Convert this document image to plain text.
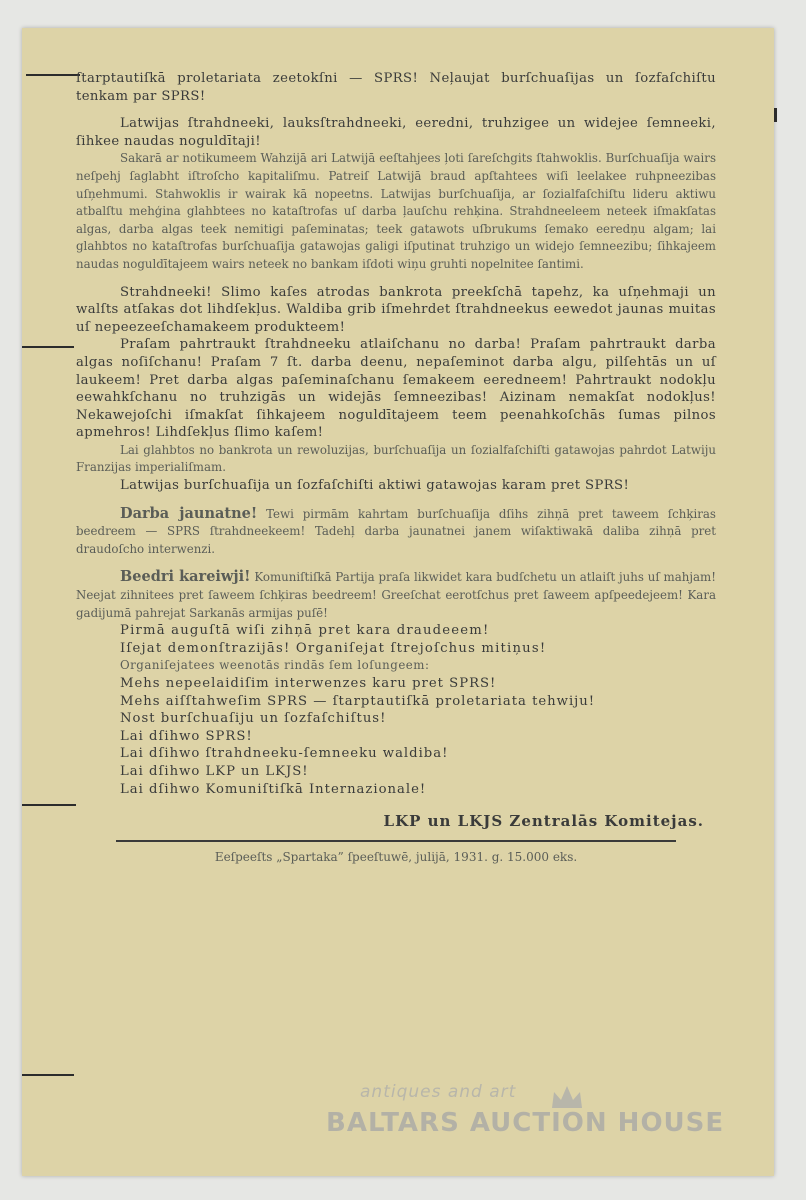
ſtarptautiſkā proletariata zeetokſni — SPRS! Neļaujat burſchuaſijas un ſozfaſchiſtu tenkam par SPRS!

Latwijas ſtrahdneeki, lauksſtrahdneeki, eeredni, truhzigee un widejee ſemneeki, ſihkee naudas noguldītaji!

Sakarā ar notikumeem Wahzijā ari Latwijā eeſtahjees ļoti ſareſchgits ſtahwoklis. Burſchuaſija wairs neſpehj ſaglabht iſtroſcho kapitaliſmu. Patreiſ Latwijā braud apſtahtees wiſi leelakee ruhpneezibas uſņehmumi. Stahwoklis ir wairak kā nopeetns. Latwijas burſchuaſija, ar ſozialfaſchiſtu lideru aktiwu atbalſtu mehģina glahbtees no kataſtrofas uſ darba ļauſchu rehķina. Strahdneeleem neteek iſmakſatas algas, darba algas teek nemitigi paſeminatas; teek gatawots uſbrukums ſemako eeredņu algam; lai glahbtos no kataſtrofas burſchuaſija gatawojas galigi iſputinat truhzigo un widejo ſemneezibu; ſihkajeem naudas noguldītajeem wairs neteek no bankam iſdoti wiņu gruhti nopelnitee ſantimi.

Strahdneeki! Slimo kaſes atrodas bankrota preekſchā tapehz, ka uſņehmaji un walſts atſakas dot lihdſekļus. Waldiba grib iſmehrdet ſtrahdneekus eewedot jaunas muitas uſ nepeezeeſchamakeem produkteem!

Praſam pahrtraukt ſtrahdneeku atlaiſchanu no darba! Praſam pahrtraukt darba algas noſiſchanu! Praſam 7 ſt. darba deenu, nepaſeminot darba algu, pilſehtās un uſ laukeem! Pret darba algas paſeminaſchanu ſemakeem eeredneem! Pahrtraukt nodokļu eewahkſchanu no truhzigās un widejās ſemneezibas! Aizinam nemakſat nodokļus! Nekawejoſchi iſmakſat ſihkajeem noguldītajeem teem peenahkoſchās ſumas pilnos apmehros! Lihdſekļus ſlimo kaſem!

Lai glahbtos no bankrota un rewoluzijas, burſchuaſija un ſozialfaſchiſti gatawojas pahrdot Latwiju Franzijas imperialiſmam.

Latwijas burſchuaſija un ſozfaſchiſti aktiwi gatawojas karam pret SPRS!

Darba jaunatne! Tewi pirmām kahrtam burſchuaſija dſihs zihņā pret taweem ſchķiras beedreem — SPRS ſtrahdneekeem! Tadehļ darba jaunatnei janem wiſaktiwakā daliba zihņā pret draudoſcho interwenzi.

Beedri kareiwji! Komuniſtiſkā Partija praſa likwidet kara budſchetu un atlaiſt juhs uſ mahjam! Neejat zihnitees pret ſaweem ſchķiras beedreem! Greeſchat eerotſchus pret ſaweem apſpeedejeem! Kara gadijumā pahrejat Sarkanās armijas puſē!

Pirmā auguſtā wiſi zihņā pret kara draudeeem!

Iſejat demonſtrazijās! Organiſejat ſtrejoſchus mitiņus!

Organiſejatees weenotās rindās ſem loſungeem:

Mehs nepeelaidiſim interwenzes karu pret SPRS!

Mehs aiſſtahweſim SPRS — ſtarptautiſkā proletariata tehwiju!

Nost burſchuaſiju un ſozfaſchiſtus!

Lai dſihwo SPRS!

Lai dſihwo ſtrahdneeku-ſemneeku waldiba!

Lai dſihwo LKP un LKJS!

Lai dſihwo Komuniſtiſkā Internazionale!

LKP un LKJS Zentralās Komitejas.

Eeſpeeſts „Spartaka” ſpeeſtuwē, julijā, 1931. g. 15.000 eks.

antiques and art
BALTARS AUCTION HOUSE
